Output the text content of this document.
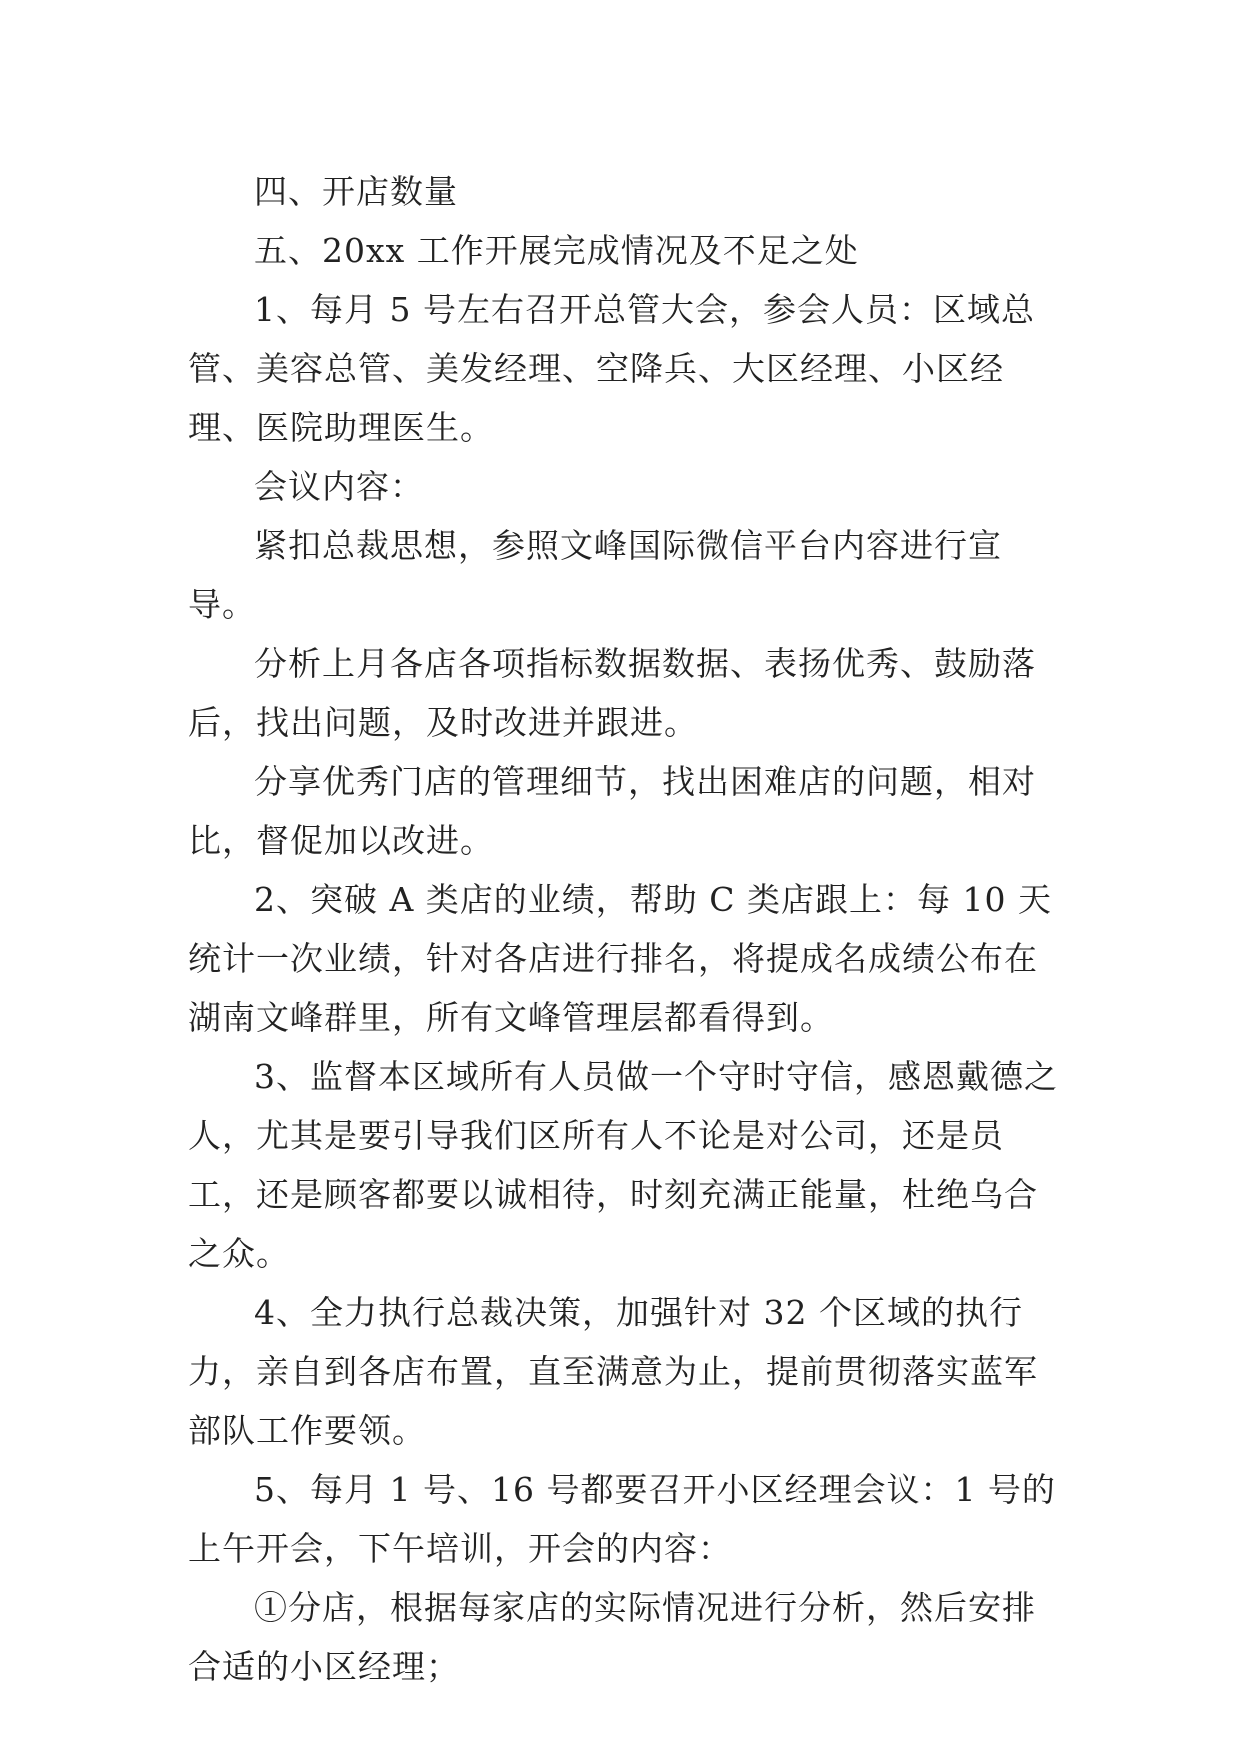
四、开店数量

五、20xx 工作开展完成情况及不足之处

1、每月 5 号左右召开总管大会，参会人员：区域总管、美容总管、美发经理、空降兵、大区经理、小区经理、医院助理医生。

会议内容：

紧扣总裁思想，参照文峰国际微信平台内容进行宣导。

分析上月各店各项指标数据数据、表扬优秀、鼓励落后，找出问题，及时改进并跟进。

分享优秀门店的管理细节，找出困难店的问题，相对比，督促加以改进。

2、突破 A 类店的业绩，帮助 C 类店跟上：每 10 天统计一次业绩，针对各店进行排名，将提成名成绩公布在湖南文峰群里，所有文峰管理层都看得到。

3、监督本区域所有人员做一个守时守信，感恩戴德之人，尤其是要引导我们区所有人不论是对公司，还是员工，还是顾客都要以诚相待，时刻充满正能量，杜绝乌合之众。

4、全力执行总裁决策，加强针对 32 个区域的执行力，亲自到各店布置，直至满意为止，提前贯彻落实蓝军部队工作要领。

5、每月 1 号、16 号都要召开小区经理会议：1 号的上午开会，下午培训，开会的内容：

①分店，根据每家店的实际情况进行分析，然后安排合适的小区经理；
